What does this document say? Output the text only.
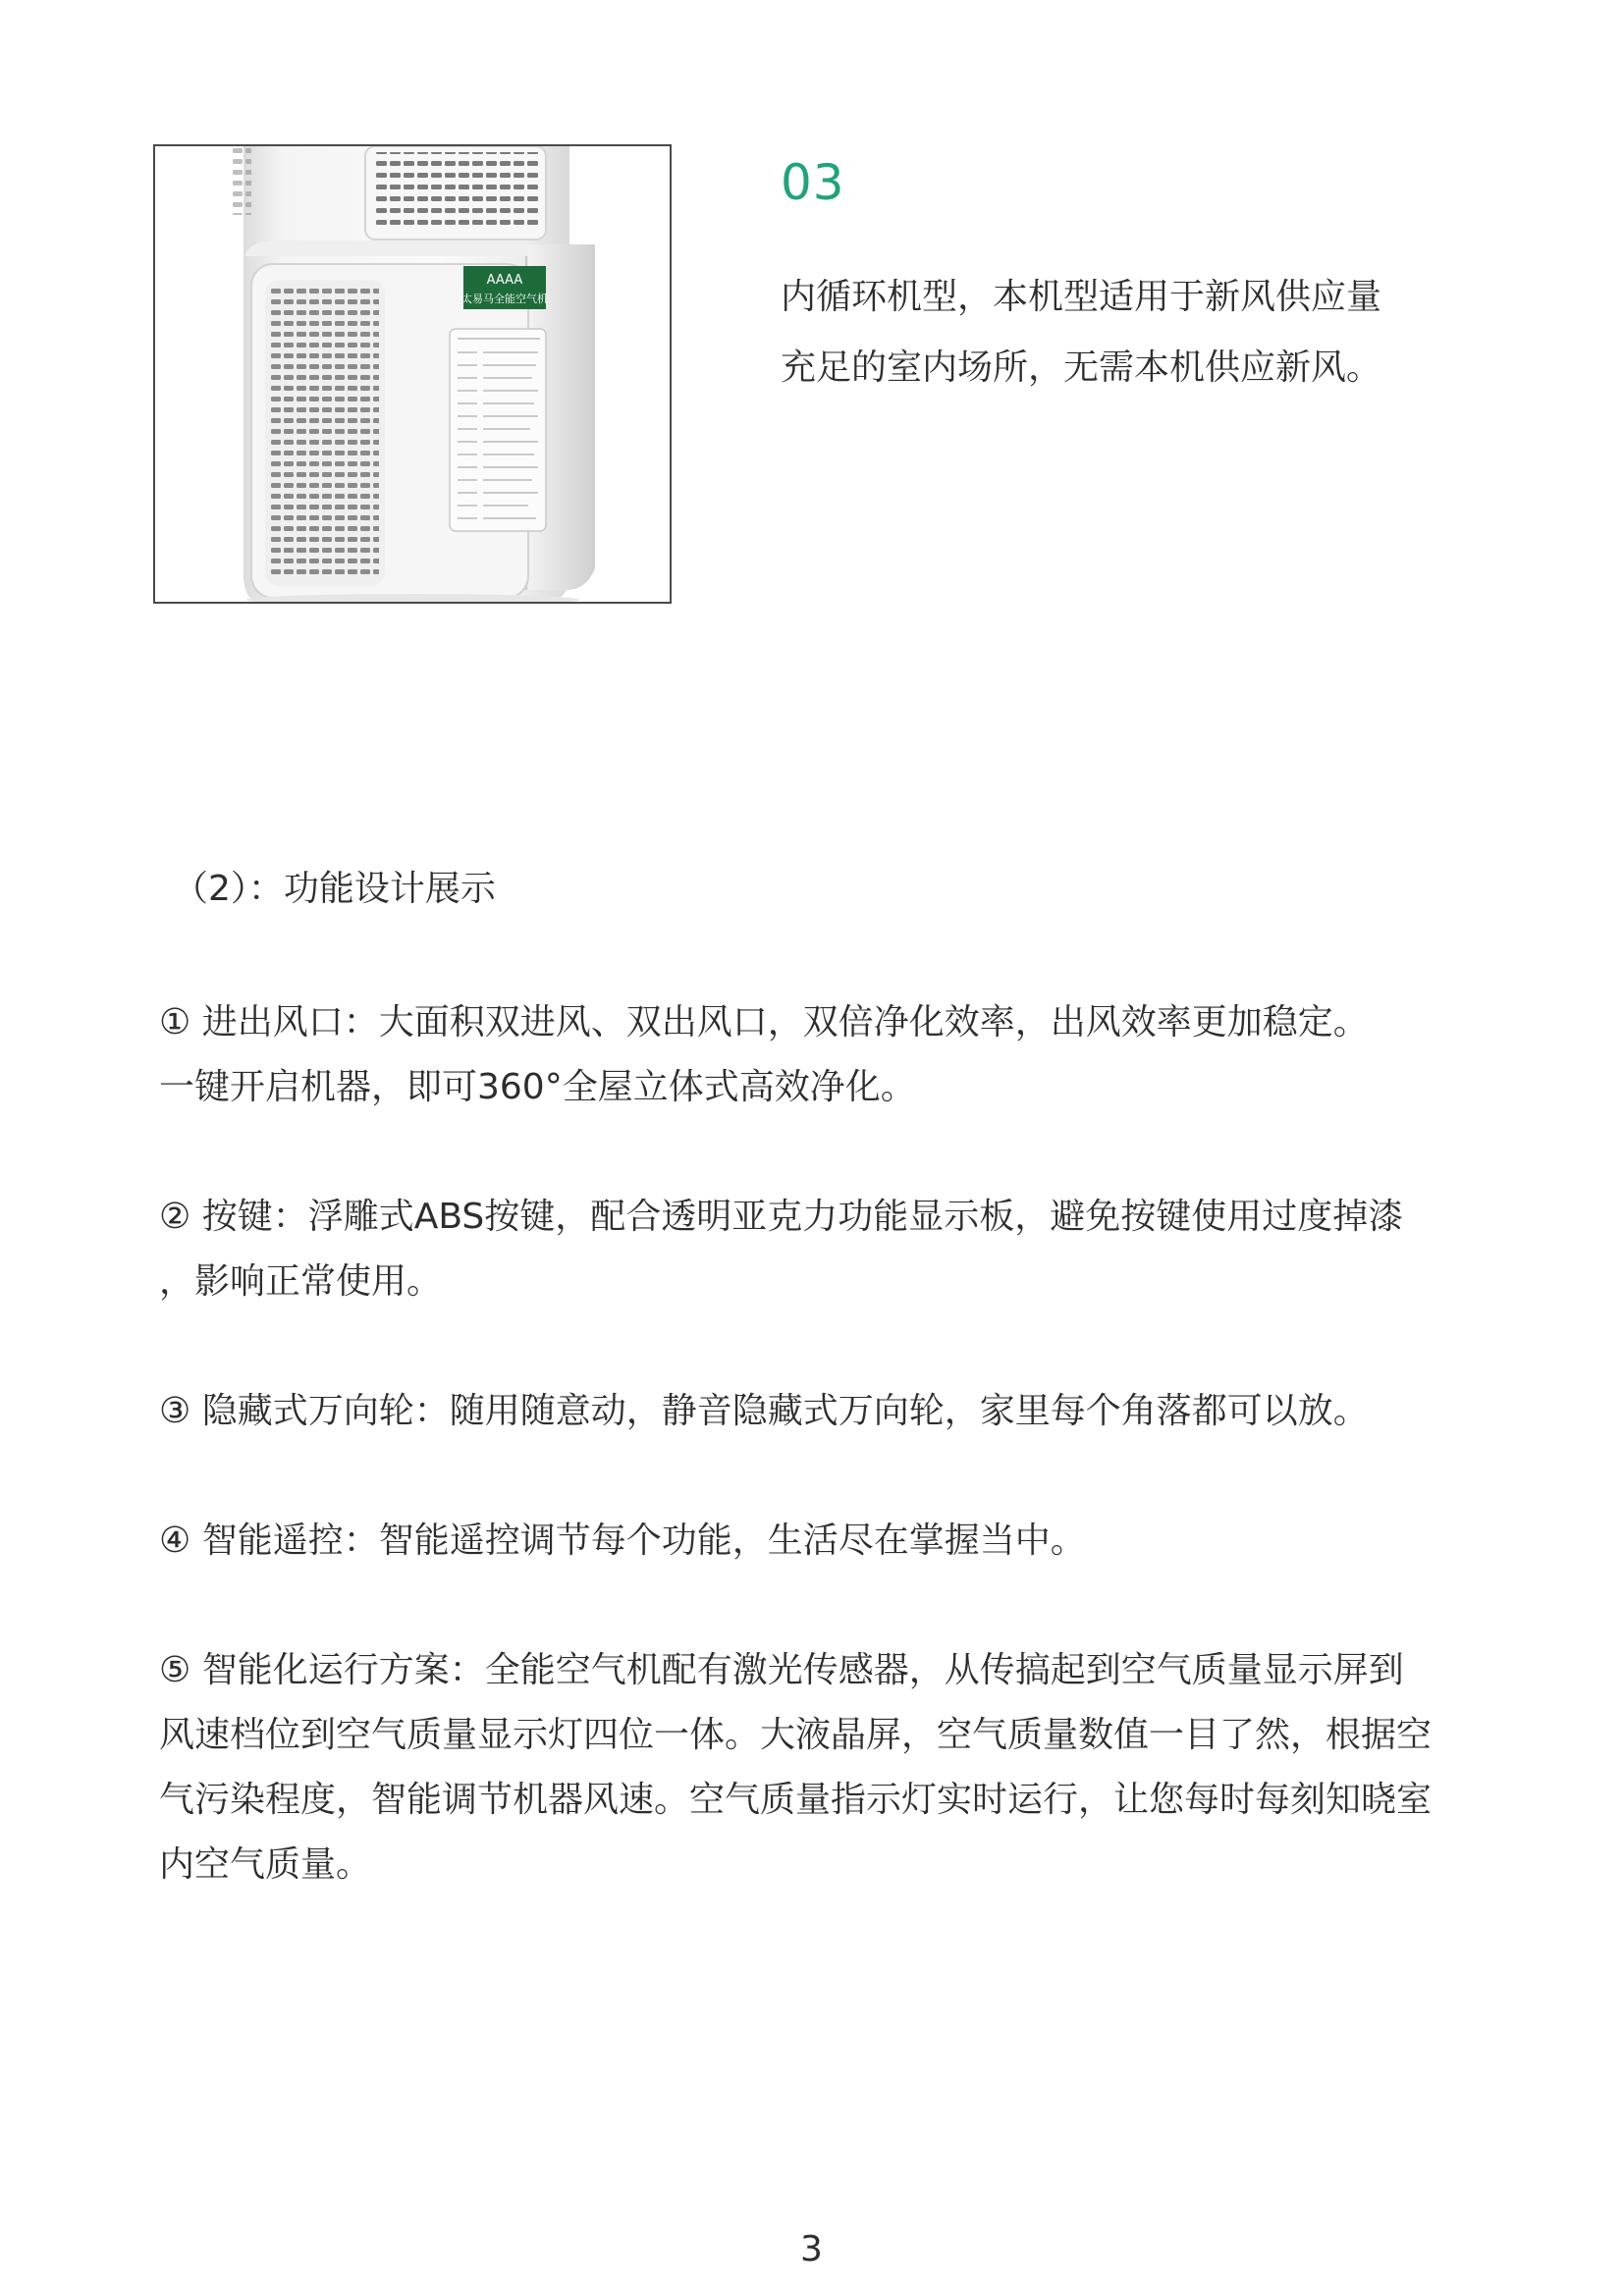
AAAA
太易马全能空气机
03

内循环机型，本机型适用于新风供应量

充足的室内场所，无需本机供应新风。

（2）：功能设计展示

① 进出风口：大面积双进风、双出风口，双倍净化效率，出风效率更加稳定。

一键开启机器，即可360°全屋立体式高效净化。

② 按键：浮雕式ABS按键，配合透明亚克力功能显示板，避免按键使用过度掉漆

，影响正常使用。

③ 隐藏式万向轮：随用随意动，静音隐藏式万向轮，家里每个角落都可以放。

④ 智能遥控：智能遥控调节每个功能，生活尽在掌握当中。

⑤ 智能化运行方案：全能空气机配有激光传感器，从传搞起到空气质量显示屏到

风速档位到空气质量显示灯四位一体。大液晶屏，空气质量数值一目了然，根据空

气污染程度，智能调节机器风速。空气质量指示灯实时运行，让您每时每刻知晓室

内空气质量。

3
